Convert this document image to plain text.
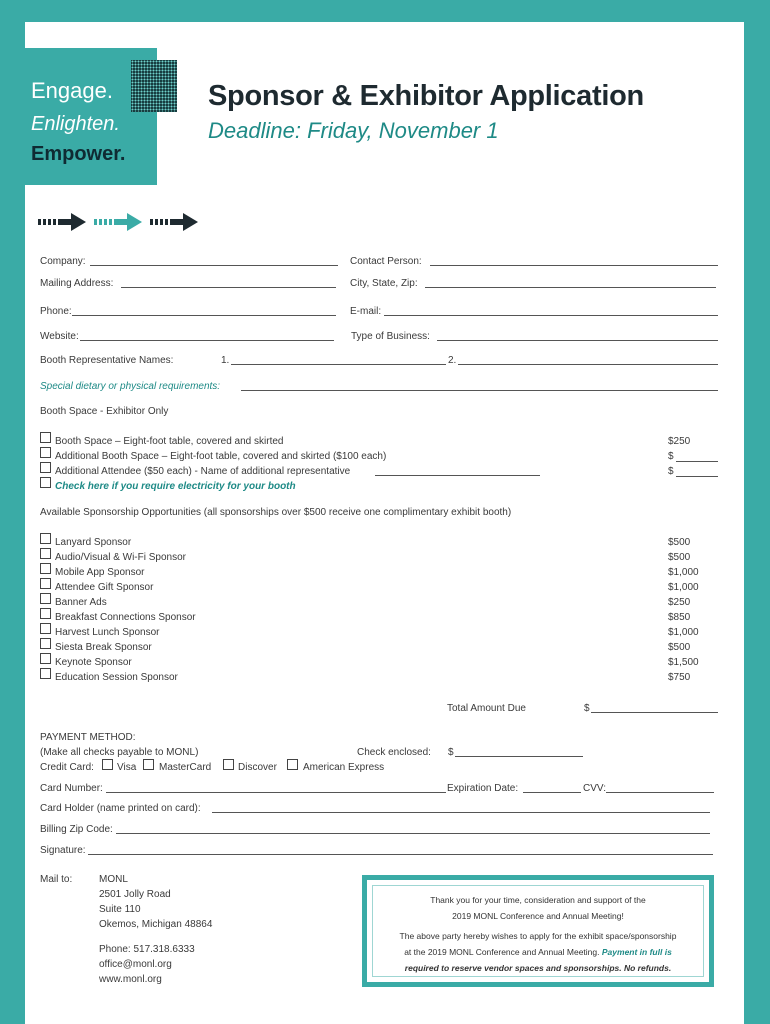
Engage.
Enlighten.
Empower.
Sponsor & Exhibitor Application
Deadline: Friday, November 1
Company:	Contact Person:
Mailing Address:	City, State, Zip:
Phone:	E-mail:
Website:	Type of Business:
Booth Representative Names:	1.	2.
Special dietary or physical requirements:
Booth Space - Exhibitor Only
Booth Space – Eight-foot table, covered and skirted	$250
Additional Booth Space – Eight-foot table, covered and skirted ($100 each)	$
Additional Attendee ($50 each) - Name of additional representative	$
Check here if you require electricity for your booth
Available Sponsorship Opportunities (all sponsorships over $500 receive one complimentary exhibit booth)
Lanyard Sponsor	$500
Audio/Visual & Wi-Fi Sponsor	$500
Mobile App Sponsor	$1,000
Attendee Gift Sponsor	$1,000
Banner Ads	$250
Breakfast Connections Sponsor	$850
Harvest Lunch Sponsor	$1,000
Siesta Break Sponsor	$500
Keynote Sponsor	$1,500
Education Session Sponsor	$750
Total Amount Due	$
PAYMENT METHOD:
(Make all checks payable to MONL)	Check enclosed: $
Credit Card: Visa MasterCard	Discover	American Express
Card Number:	Expiration Date:	CVV:
Card Holder (name printed on card):
Billing Zip Code:
Signature:
Mail to:	MONL
2501 Jolly Road
Suite 110
Okemos, Michigan 48864
Phone: 517.318.6333
office@monl.org
www.monl.org
Thank you for your time, consideration and support of the
2019 MONL Conference and Annual Meeting!
The above party hereby wishes to apply for the exhibit space/sponsorship
at the 2019 MONL Conference and Annual Meeting. Payment in full is
required to reserve vendor spaces and sponsorships. No refunds.
